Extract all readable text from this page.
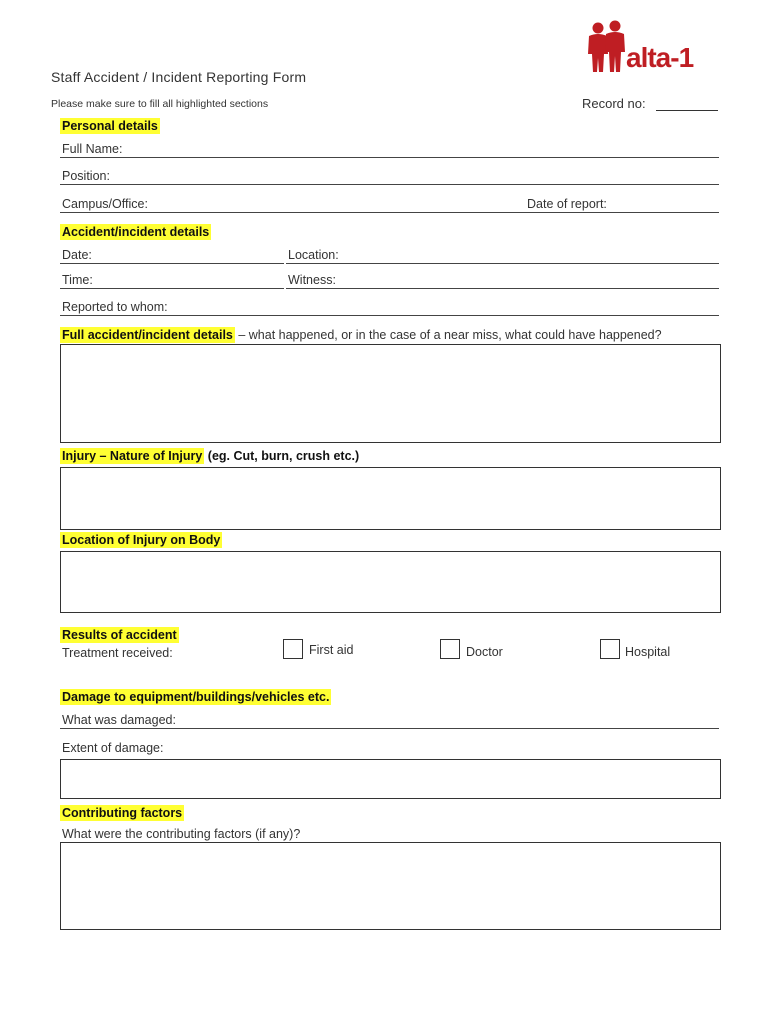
alta-1
Staff Accident / Incident Reporting Form
Please make sure to fill all highlighted sections	Record no:
Personal details
Full Name:
Position:
Campus/Office:	Date of report:
Accident/incident details
Date:	Location:
Time:	Witness:
Reported to whom:
Full accident/incident details – what happened, or in the case of a near miss, what could have happened?
Injury – Nature of Injury (eg. Cut, burn, crush etc.)
Location of Injury on Body
Results of accident
Treatment received:	First aid	Doctor	Hospital
Damage to equipment/buildings/vehicles etc.
What was damaged:
Extent of damage:
Contributing factors
What were the contributing factors (if any)?
